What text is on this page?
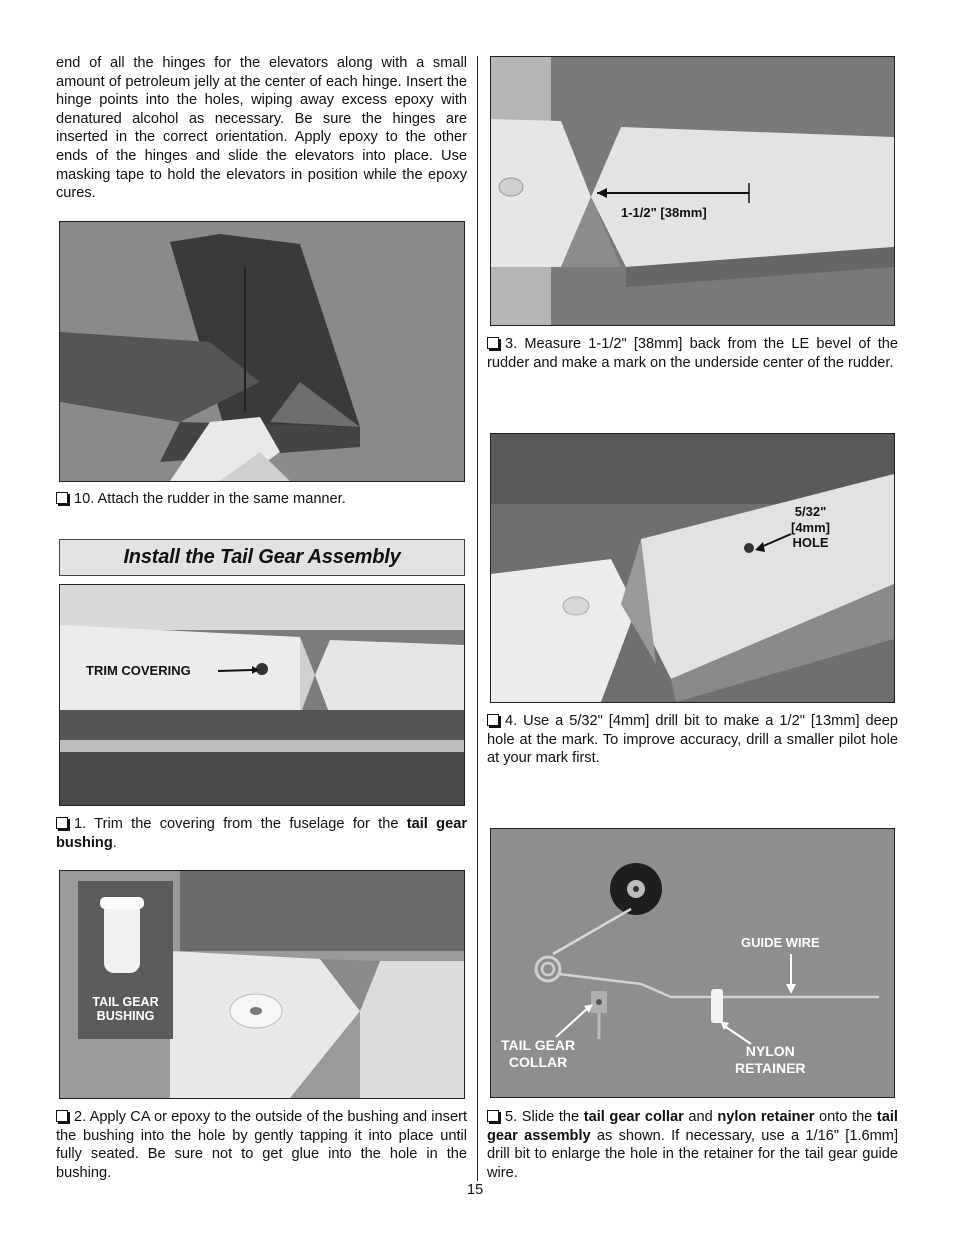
end of all the hinges for the elevators along with a small amount of petroleum jelly at the center of each hinge. Insert the hinge points into the holes, wiping away excess epoxy with denatured alcohol as necessary. Be sure the hinges are inserted in the correct orientation. Apply epoxy to the other ends of the hinges and slide the elevators into place. Use masking tape to hold the elevators in position while the epoxy cures.

10. Attach the rudder in the same manner.

Install the Tail Gear Assembly
TRIM COVERING

1. Trim the covering from the fuselage for the tail gear bushing.

TAIL GEAR
BUSHING

2. Apply CA or epoxy to the outside of the bushing and insert the bushing into the hole by gently tapping it into place until fully seated. Be sure not to get glue into the hole in the bushing.

1-1/2" [38mm]

3. Measure 1-1/2" [38mm] back from the LE bevel of the rudder and make a mark on the underside center of the rudder.

5/32"
[4mm]
HOLE

4. Use a 5/32" [4mm] drill bit to make a 1/2" [13mm] deep hole at the mark. To improve accuracy, drill a smaller pilot hole at your mark first.

GUIDE WIRE
TAIL GEAR
COLLAR
NYLON
RETAINER

5. Slide the tail gear collar and nylon retainer onto the tail gear assembly as shown. If necessary, use a 1/16" [1.6mm] drill bit to enlarge the hole in the retainer for the tail gear guide wire.

15
